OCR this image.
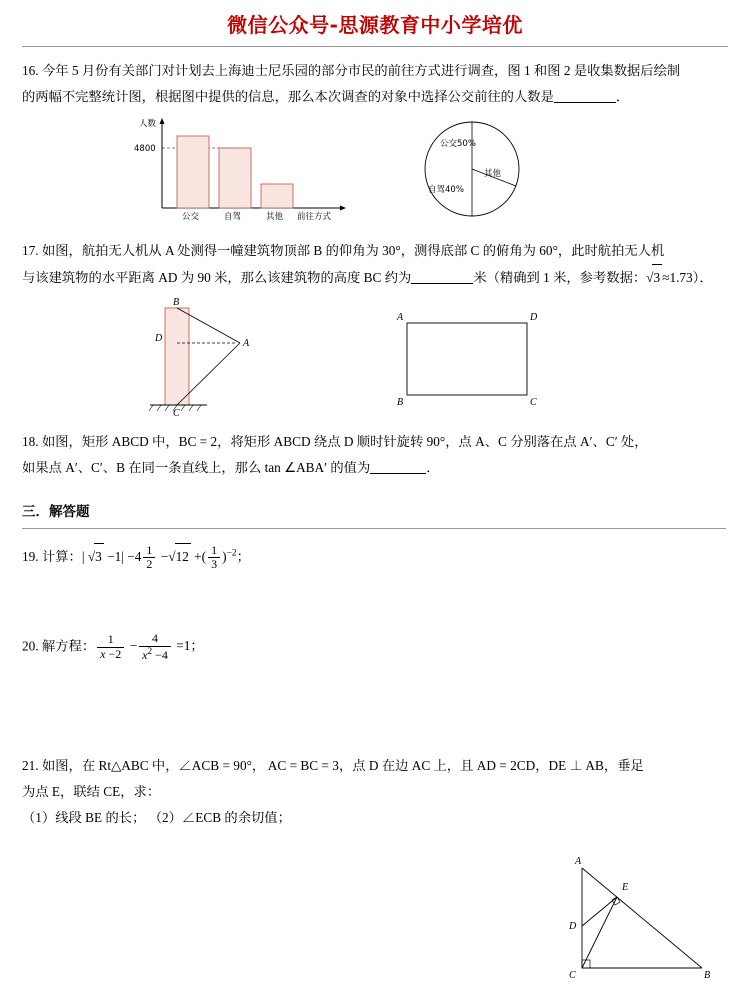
微信公众号-思源教育中小学培优
16. 今年 5 月份有关部门对计划去上海迪士尼乐园的部分市民的前往方式进行调查，图 1 和图 2 是收集数据后绘制
的两幅不完整统计图，根据图中提供的信息，那么本次调查的对象中选择公交前往的人数是	．
人数
4800
公交	自驾	其他 前往方式
公交50%
自驾40%
其他
17. 如图，航拍无人机从 A 处测得一幢建筑物顶部 B 的仰角为 30°，测得底部 C 的俯角为 60°，此时航拍无人机
与该建筑物的水平距离 AD 为 90 米，那么该建筑物的高度 BC 约为	米（精确到 1 米，参考数据：√3 ≈1.73）．
B
D	A
C
A	D
B	C
18. 如图，矩形 ABCD 中，BC = 2，将矩形 ABCD 绕点 D 顺时针旋转 90°，点 A、C 分别落在点 A′、C′ 处，
如果点 A′、C′、B 在同一条直线上，那么 tan ∠ABA′ 的值为	．
三．解答题
19. 计算：| $√3 -1| -4 \frac{1}{2} -√12$ +( $\frac{1}{3} )^{-2}$；
20. 解方程： $\frac{1}{x -2} - \frac{4}{x^2 -4} =1$；
21. 如图，在 Rt△ABC 中，∠ACB = 90°， AC = BC = 3，点 D 在边 AC 上，且 AD = 2CD，DE ⊥ AB，垂足
为点 E，联结 CE，求：
（1）线段 BE 的长； （2）∠ECB 的余切值；
A
E
D
C	B
